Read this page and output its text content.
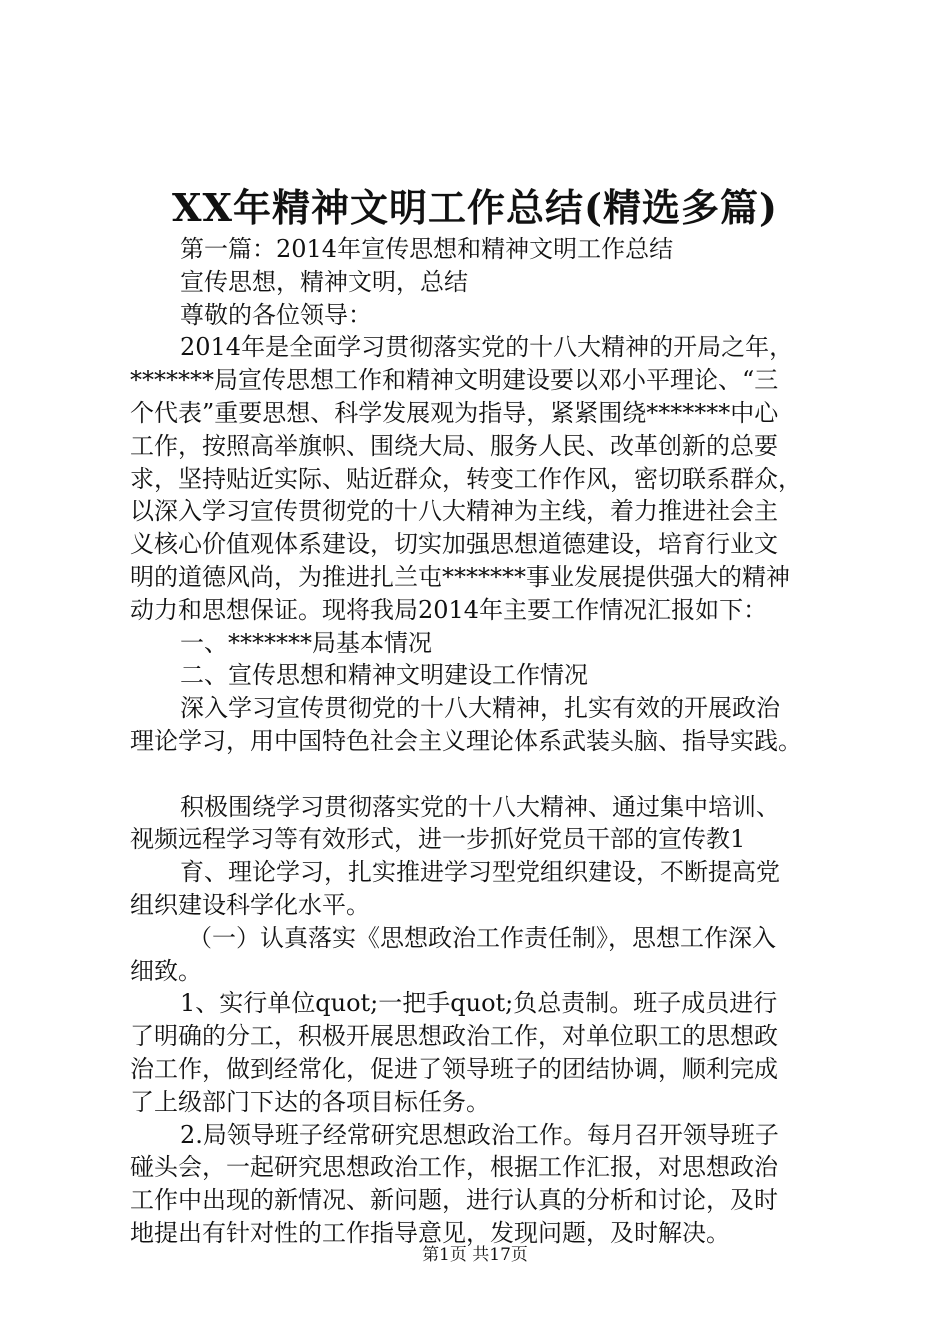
XX年精神文明工作总结(精选多篇)
第一篇：2014年宣传思想和精神文明工作总结
宣传思想，精神文明，总结
尊敬的各位领导：
2014年是全面学习贯彻落实党的十八大精神的开局之年，
*******局宣传思想工作和精神文明建设要以邓小平理论、“三
个代表”重要思想、科学发展观为指导，紧紧围绕*******中心
工作，按照高举旗帜、围绕大局、服务人民、改革创新的总要
求，坚持贴近实际、贴近群众，转变工作作风，密切联系群众，
以深入学习宣传贯彻党的十八大精神为主线，着力推进社会主
义核心价值观体系建设，切实加强思想道德建设，培育行业文
明的道德风尚，为推进扎兰屯*******事业发展提供强大的精神
动力和思想保证。现将我局2014年主要工作情况汇报如下：
一、*******局基本情况
二、宣传思想和精神文明建设工作情况
深入学习宣传贯彻党的十八大精神，扎实有效的开展政治
理论学习，用中国特色社会主义理论体系武装头脑、指导实践。
积极围绕学习贯彻落实党的十八大精神、通过集中培训、
视频远程学习等有效形式，进一步抓好党员干部的宣传教1
育、理论学习，扎实推进学习型党组织建设，不断提高党
组织建设科学化水平。
（一）认真落实《思想政治工作责任制》，思想工作深入
细致。
1、实行单位quot;一把手quot;负总责制。班子成员进行
了明确的分工，积极开展思想政治工作，对单位职工的思想政
治工作，做到经常化，促进了领导班子的团结协调，顺利完成
了上级部门下达的各项目标任务。
2.局领导班子经常研究思想政治工作。每月召开领导班子
碰头会，一起研究思想政治工作，根据工作汇报，对思想政治
工作中出现的新情况、新问题，进行认真的分析和讨论，及时
地提出有针对性的工作指导意见，发现问题，及时解决。
第1页 共17页
